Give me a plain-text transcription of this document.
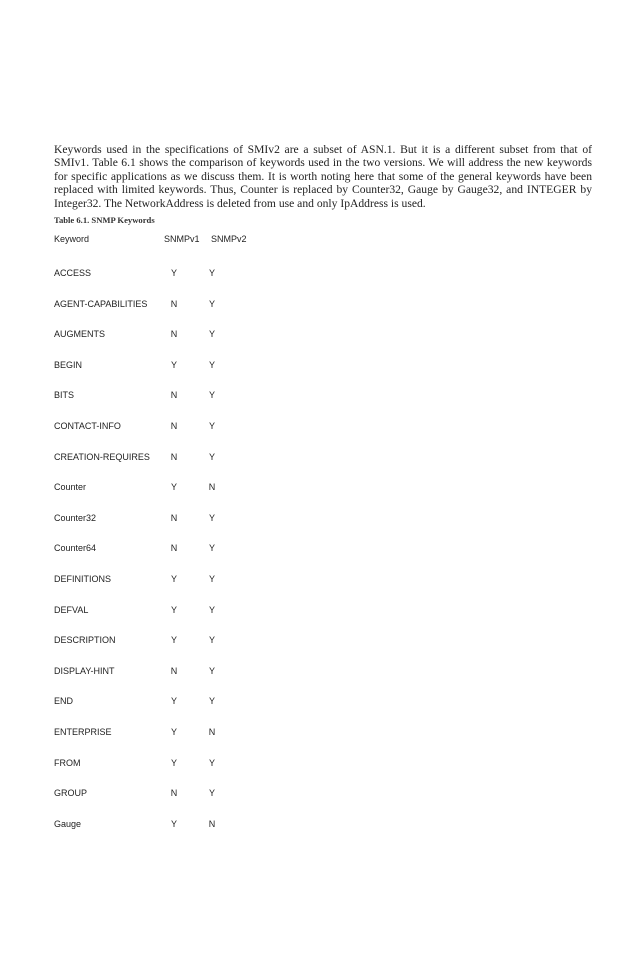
Keywords used in the specifications of SMIv2 are a subset of ASN.1. But it is a different subset from that of SMIv1. Table 6.1 shows the comparison of keywords used in the two versions. We will address the new keywords for specific applications as we discuss them. It is worth noting here that some of the general keywords have been replaced with limited keywords. Thus, Counter is replaced by Counter32, Gauge by Gauge32, and INTEGER by Integer32. The NetworkAddress is deleted from use and only IpAddress is used.

Table 6.1. SNMP Keywords
Keyword	SNMPv1 SNMPv2
ACCESS	Y	Y
AGENT-CAPABILITIES	N	Y
AUGMENTS	N	Y
BEGIN	Y	Y
BITS	N	Y
CONTACT-INFO	N	Y
CREATION-REQUIRES	N	Y
Counter	Y	N
Counter32	N	Y
Counter64	N	Y
DEFINITIONS	Y	Y
DEFVAL	Y	Y
DESCRIPTION	Y	Y
DISPLAY-HINT	N	Y
END	Y	Y
ENTERPRISE	Y	N
FROM	Y	Y
GROUP	N	Y
Gauge	Y	N
